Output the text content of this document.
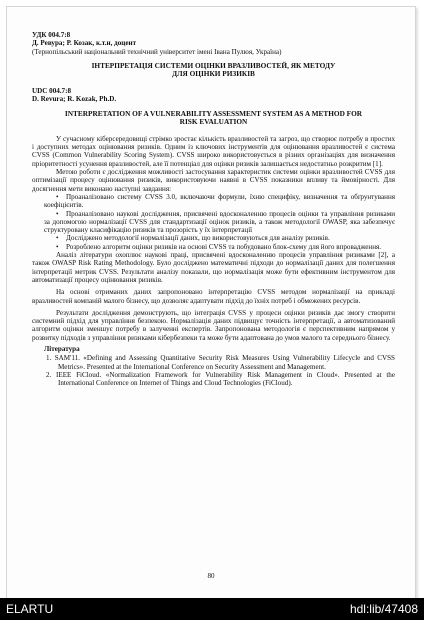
УДК 004.7:8

Д. Ревура; Р. Козак, к.т.н, доцент

(Тернопільський національний технічний університет імені Івана Пулюя, Україна)

ІНТЕРПРЕТАЦІЯ СИСТЕМИ ОЦІНКИ ВРАЗЛИВОСТЕЙ, ЯК МЕТОДУ
ДЛЯ ОЦІНКИ РИЗИКІВ

UDC 004.7:8

D. Revura; R. Kozak, Ph.D.

INTERPRETATION OF A VULNERABILITY ASSESSMENT SYSTEM AS A METHOD FOR
RISK EVALUATION

У сучасному кіберсередовищі стрімко зростає кількість вразливостей та загроз, що створює потребу в простих і доступних методах оцінювання ризиків. Одним із ключових інструментів для оцінювання вразливостей є система CVSS (Common Vulnerability Scoring System). CVSS широко використовується в різних організаціях для визначення пріоритетності усунення вразливостей, але її потенціал для оцінки ризиків залишається недостатньо розкритим [1].

Метою роботи є дослідження можливості застосування характеристик системи оцінки вразливостей CVSS для оптимізації процесу оцінювання ризиків, використовуючи наявні в CVSS показники впливу та ймовірності. Для досягнення мети виконано наступні завдання:

• Проаналізовано систему CVSS 3.0, включаючи формули, їхню специфіку, визначення та обґрунтування коефіцієнтів.

• Проаналізовано наукові дослідження, присвячені вдосконаленню процесів оцінки та управління ризиками за допомогою нормалізації CVSS для стандартизації оцінок ризиків, а також методології OWASP, яка забезпечує структуровану класифікацію ризиків та прозорість у їх інтерпретації

• Досліджено методології нормалізації даних, що використовуються для аналізу ризиків.

• Розроблено алгоритм оцінки ризиків на основі CVSS та побудовано блок-схему для його впровадження.

Аналіз літератури охоплює наукові праці, присвячені вдосконаленню процесів управління ризиками [2], а також OWASP Risk Rating Methodology. Було досліджено математичні підходи до нормалізації даних для полегшення інтерпретації метрик CVSS. Результати аналізу показали, що нормалізація може бути ефективним інструментом для автоматизації процесу оцінювання ризиків.

На основі отриманих даних запропоновано інтерпретацію CVSS методом нормалізації на прикладі вразливостей компаній малого бізнесу, що дозволяє адаптувати підхід до їхніх потреб і обмежених ресурсів.

Результати дослідження демонструють, що інтеграція CVSS у процеси оцінки ризиків дає змогу створити системний підхід для управління безпекою. Нормалізація даних підвищує точність інтерпретації, а автоматизований алгоритм оцінки зменшує потребу в залученні експертів. Запропонована методологія є перспективним напрямом у розвитку підходів з управління ризиками кібербезпеки та може бути адаптована до умов малого та середнього бізнесу.

Література

1. SAM'11. «Defining and Assessing Quantitative Security Risk Measures Using Vulnerability Lifecycle and CVSS Metrics». Presented at the International Conference on Security Assessment and Management.

2. IEEE FiCloud. «Normalization Framework for Vulnerability Risk Management in Cloud». Presented at the International Conference on Internet of Things and Cloud Technologies (FiCloud).

80
ELARTU	hdl:lib/47408
